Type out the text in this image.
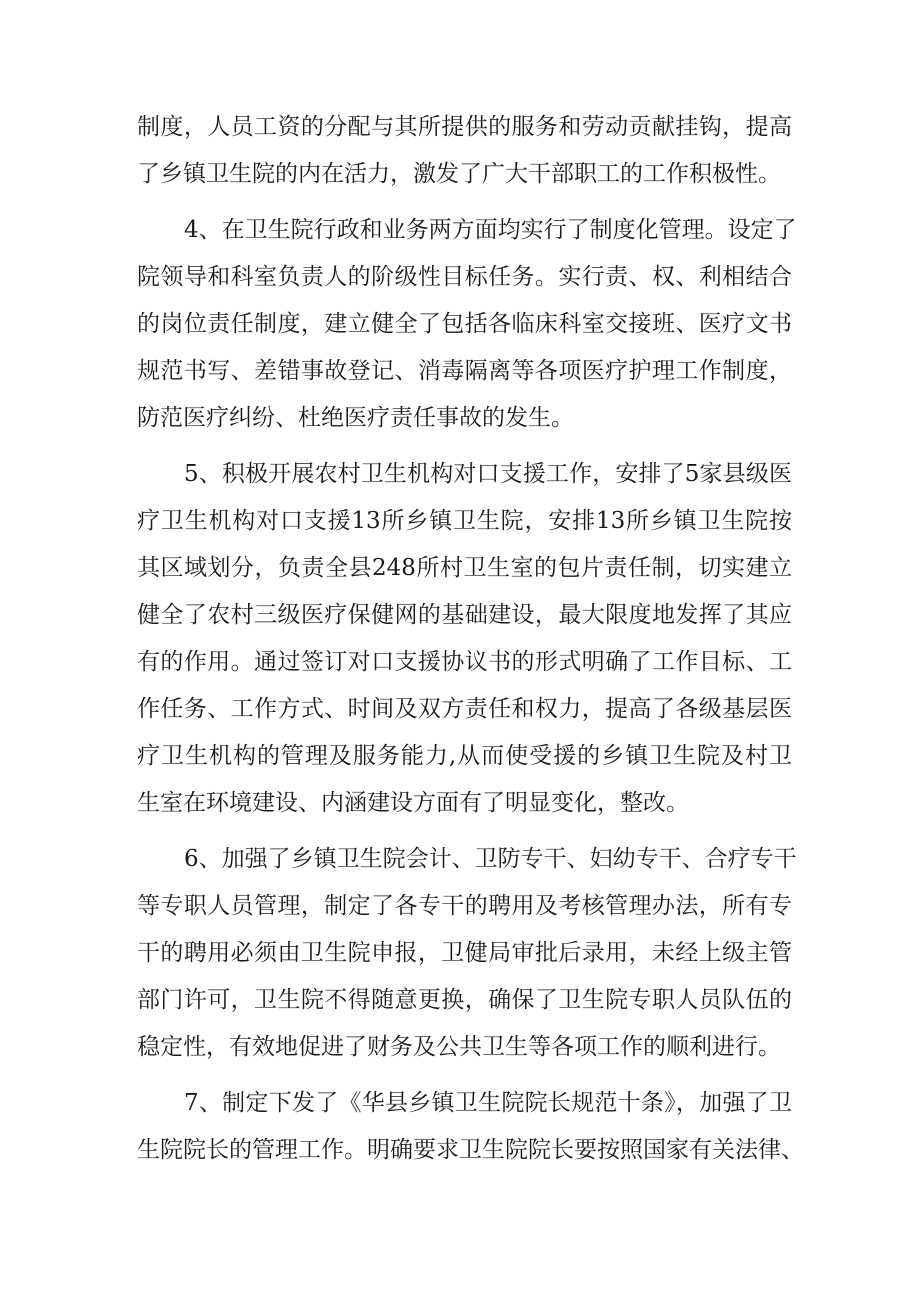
制度，人员工资的分配与其所提供的服务和劳动贡献挂钩，提高
了乡镇卫生院的内在活力，激发了广大干部职工的工作积极性。
4、在卫生院行政和业务两方面均实行了制度化管理。设定了
院领导和科室负责人的阶级性目标任务。实行责、权、利相结合
的岗位责任制度，建立健全了包括各临床科室交接班、医疗文书
规范书写、差错事故登记、消毒隔离等各项医疗护理工作制度，
防范医疗纠纷、杜绝医疗责任事故的发生。
5、积极开展农村卫生机构对口支援工作，安排了5家县级医
疗卫生机构对口支援13所乡镇卫生院，安排13所乡镇卫生院按
其区域划分，负责全县248所村卫生室的包片责任制，切实建立
健全了农村三级医疗保健网的基础建设，最大限度地发挥了其应
有的作用。通过签订对口支援协议书的形式明确了工作目标、工
作任务、工作方式、时间及双方责任和权力，提高了各级基层医
疗卫生机构的管理及服务能力,从而使受援的乡镇卫生院及村卫
生室在环境建设、内涵建设方面有了明显变化，整改。
6、加强了乡镇卫生院会计、卫防专干、妇幼专干、合疗专干
等专职人员管理，制定了各专干的聘用及考核管理办法，所有专
干的聘用必须由卫生院申报，卫健局审批后录用，未经上级主管
部门许可，卫生院不得随意更换，确保了卫生院专职人员队伍的
稳定性，有效地促进了财务及公共卫生等各项工作的顺利进行。
7、制定下发了《华县乡镇卫生院院长规范十条》，加强了卫
生院院长的管理工作。明确要求卫生院院长要按照国家有关法律、
